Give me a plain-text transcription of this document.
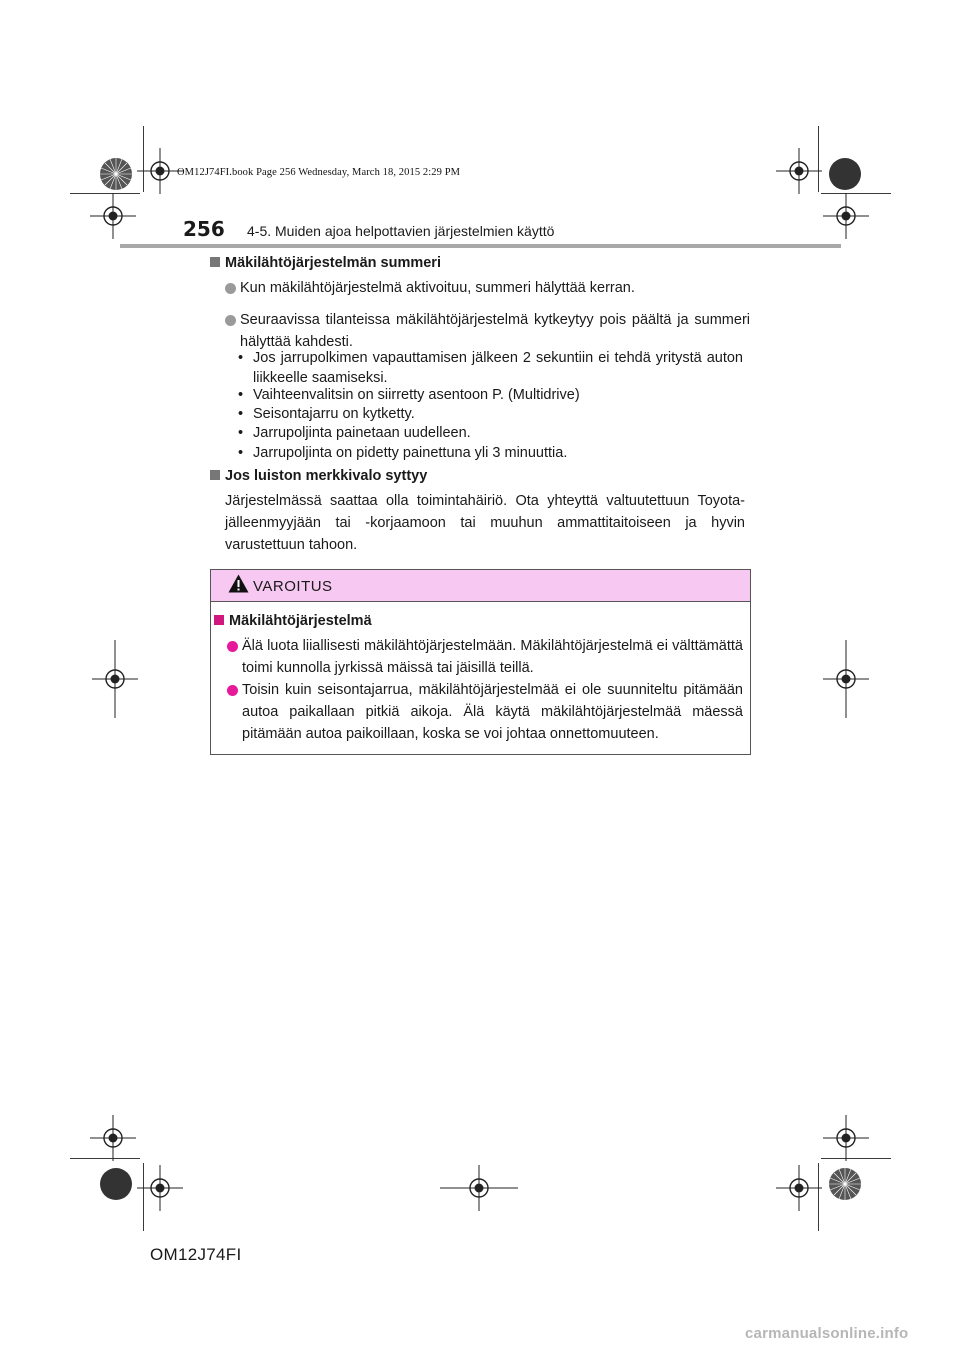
OM12J74FI.book Page 256 Wednesday, March 18, 2015 2:29 PM
256 4-5. Muiden ajoa helpottavien järjestelmien käyttö
Mäkilähtöjärjestelmän summeri
Kun mäkilähtöjärjestelmä aktivoituu, summeri hälyttää kerran.
Seuraavissa tilanteissa mäkilähtöjärjestelmä kytkeytyy pois päältä ja summeri hälyttää kahdesti.
• Jos jarrupolkimen vapauttamisen jälkeen 2 sekuntiin ei tehdä yritystä auton liikkeelle saamiseksi.
• Vaihteenvalitsin on siirretty asentoon P. (Multidrive)
• Seisontajarru on kytketty.
• Jarrupoljinta painetaan uudelleen.
• Jarrupoljinta on pidetty painettuna yli 3 minuuttia.
Jos luiston merkkivalo syttyy
Järjestelmässä saattaa olla toimintahäiriö. Ota yhteyttä valtuutettuun Toyota-jälleenmyyjään tai -korjaamoon tai muuhun ammattitaitoiseen ja hyvin varustettuun tahoon.
VAROITUS
Mäkilähtöjärjestelmä
Älä luota liiallisesti mäkilähtöjärjestelmään. Mäkilähtöjärjestelmä ei välttämättä toimi kunnolla jyrkissä mäissä tai jäisillä teillä.
Toisin kuin seisontajarrua, mäkilähtöjärjestelmää ei ole suunniteltu pitämään autoa paikallaan pitkiä aikoja. Älä käytä mäkilähtöjärjestelmää mäessä pitämään autoa paikoillaan, koska se voi johtaa onnettomuuteen.
OM12J74FI
carmanualsonline.info
